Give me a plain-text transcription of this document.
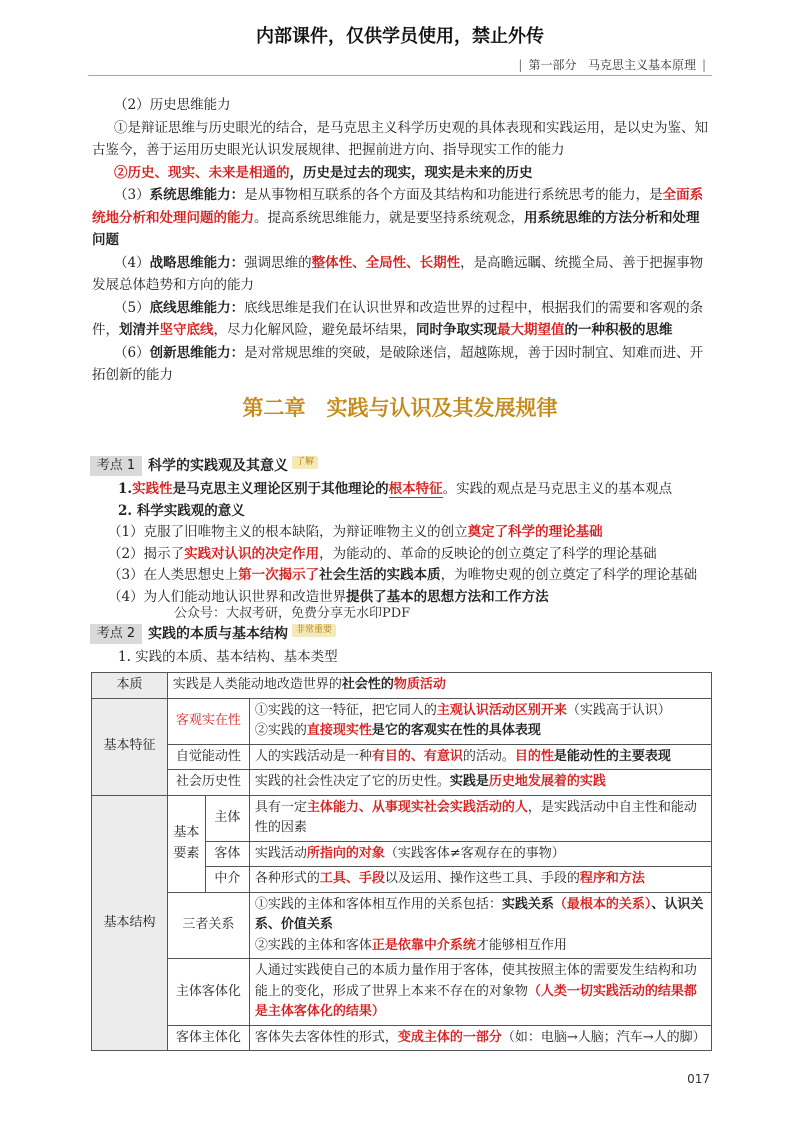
内部课件，仅供学员使用，禁止外传
| 第一部分 马克思主义基本原理 |

（2）历史思维能力

①是辩证思维与历史眼光的结合，是马克思主义科学历史观的具体表现和实践运用，是以史为鉴、知古鉴今，善于运用历史眼光认识发展规律、把握前进方向、指导现实工作的能力

②历史、现实、未来是相通的，历史是过去的现实，现实是未来的历史

（3）系统思维能力：是从事物相互联系的各个方面及其结构和功能进行系统思考的能力，是全面系统地分析和处理问题的能力。提高系统思维能力，就是要坚持系统观念，用系统思维的方法分析和处理问题

（4）战略思维能力：强调思维的整体性、全局性、长期性，是高瞻远瞩、统揽全局、善于把握事物发展总体趋势和方向的能力

（5）底线思维能力：底线思维是我们在认识世界和改造世界的过程中，根据我们的需要和客观的条件，划清并坚守底线，尽力化解风险，避免最坏结果，同时争取实现最大期望值的一种积极的思维

（6）创新思维能力：是对常规思维的突破，是破除迷信，超越陈规，善于因时制宜、知难而进、开拓创新的能力

第二章　实践与认识及其发展规律
考点 1 科学的实践观及其意义 了解
1.实践性是马克思主义理论区别于其他理论的根本特征。实践的观点是马克思主义的基本观点
2. 科学实践观的意义
（1）克服了旧唯物主义的根本缺陷，为辩证唯物主义的创立奠定了科学的理论基础
（2）揭示了实践对认识的决定作用，为能动的、革命的反映论的创立奠定了科学的理论基础
（3）在人类思想史上第一次揭示了社会生活的实践本质，为唯物史观的创立奠定了科学的理论基础
（4）为人们能动地认识世界和改造世界提供了基本的思想方法和工作方法
公众号：大叔考研，免费分享无水印PDF
考点 2 实践的本质与基本结构 非常重要
1. 实践的本质、基本结构、基本类型
本质	实践是人类能动地改造世界的社会性的物质活动		
基本特征	客观实在性		①实践的这一特征，把它同人的主观认识活动区别开来（实践高于认识）
②实践的直接现实性是它的客观实在性的具体表现
	自觉能动性		人的实践活动是一种有目的、有意识的活动。目的性是能动性的主要表现
	社会历史性		实践的社会性决定了它的历史性。实践是历史地发展着的实践
基本结构	基本要素	主体	具有一定主体能力、从事现实社会实践活动的人，是实践活动中自主性和能动性的因素
		客体	实践活动所指向的对象（实践客体≠客观存在的事物）
		中介	各种形式的工具、手段以及运用、操作这些工具、手段的程序和方法
	三者关系		①实践的主体和客体相互作用的关系包括：实践关系（最根本的关系）、认识关系、价值关系
②实践的主体和客体正是依靠中介系统才能够相互作用
	主体客体化		人通过实践使自己的本质力量作用于客体，使其按照主体的需要发生结构和功能上的变化，形成了世界上本来不存在的对象物（人类一切实践活动的结果都是主体客体化的结果）
	客体主体化		客体失去客体性的形式，变成主体的一部分（如：电脑→人脑；汽车→人的脚）
017
